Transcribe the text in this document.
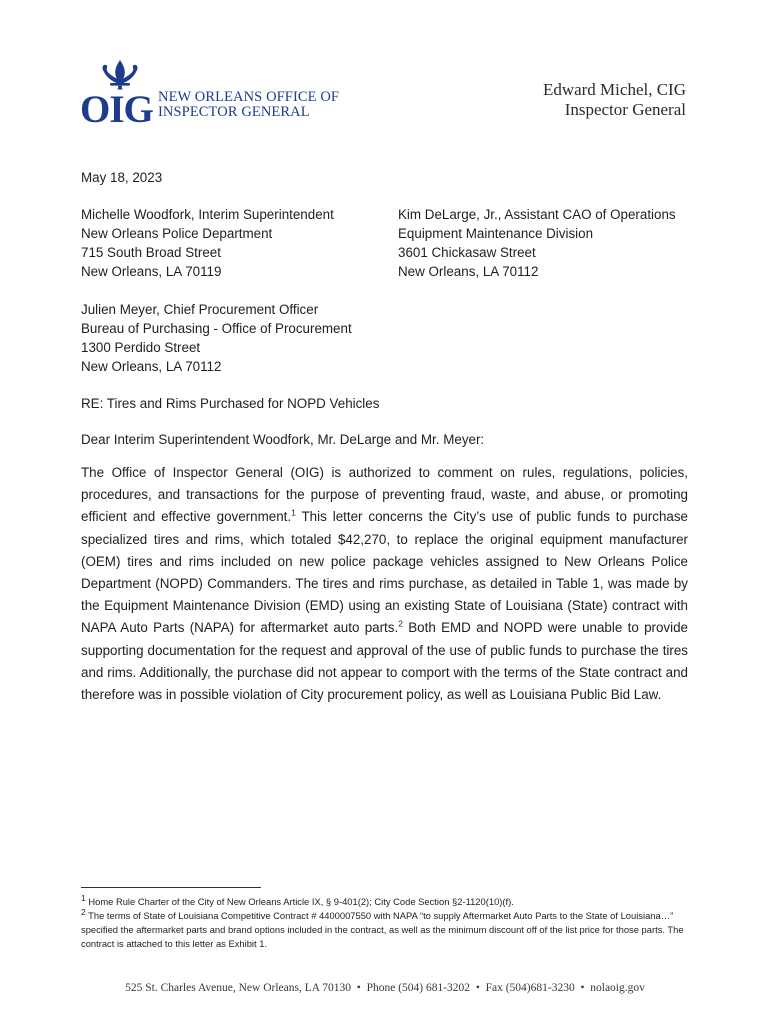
OIG NEW ORLEANS OFFICE OF
INSPECTOR GENERAL
Edward Michel, CIG
Inspector General
May 18, 2023
Michelle Woodfork, Interim Superintendent
New Orleans Police Department
715 South Broad Street
New Orleans, LA 70119
Kim DeLarge, Jr., Assistant CAO of Operations
Equipment Maintenance Division
3601 Chickasaw Street
New Orleans, LA 70112
Julien Meyer, Chief Procurement Officer
Bureau of Purchasing - Office of Procurement
1300 Perdido Street
New Orleans, LA 70112
RE: Tires and Rims Purchased for NOPD Vehicles
Dear Interim Superintendent Woodfork, Mr. DeLarge and Mr. Meyer:

The Office of Inspector General (OIG) is authorized to comment on rules, regulations, policies, procedures, and transactions for the purpose of preventing fraud, waste, and abuse, or promoting efficient and effective government.$^1$ This letter concerns the City’s use of public funds to purchase specialized tires and rims, which totaled $42,270, to replace the original equipment manufacturer (OEM) tires and rims included on new police package vehicles assigned to New Orleans Police Department (NOPD) Commanders. The tires and rims purchase, as detailed in Table 1, was made by the Equipment Maintenance Division (EMD) using an existing State of Louisiana (State) contract with NAPA Auto Parts (NAPA) for aftermarket auto parts.$^2$ Both EMD and NOPD were unable to provide supporting documentation for the request and approval of the use of public funds to purchase the tires and rims. Additionally, the purchase did not appear to comport with the terms of the State contract and therefore was in possible violation of City procurement policy, as well as Louisiana Public Bid Law.

$^1$ Home Rule Charter of the City of New Orleans Article IX, § 9-401(2); City Code Section §2-1120(10)(f).

$^2$ The terms of State of Louisiana Competitive Contract # 4400007550 with NAPA “to supply Aftermarket Auto Parts to the State of Louisiana…” specified the aftermarket parts and brand options included in the contract, as well as the minimum discount off of the list price for those parts. The contract is attached to this letter as Exhibit 1.

525 St. Charles Avenue, New Orleans, LA 70130  •  Phone (504) 681-3202  •  Fax (504)681-3230  •  nolaoig.gov
